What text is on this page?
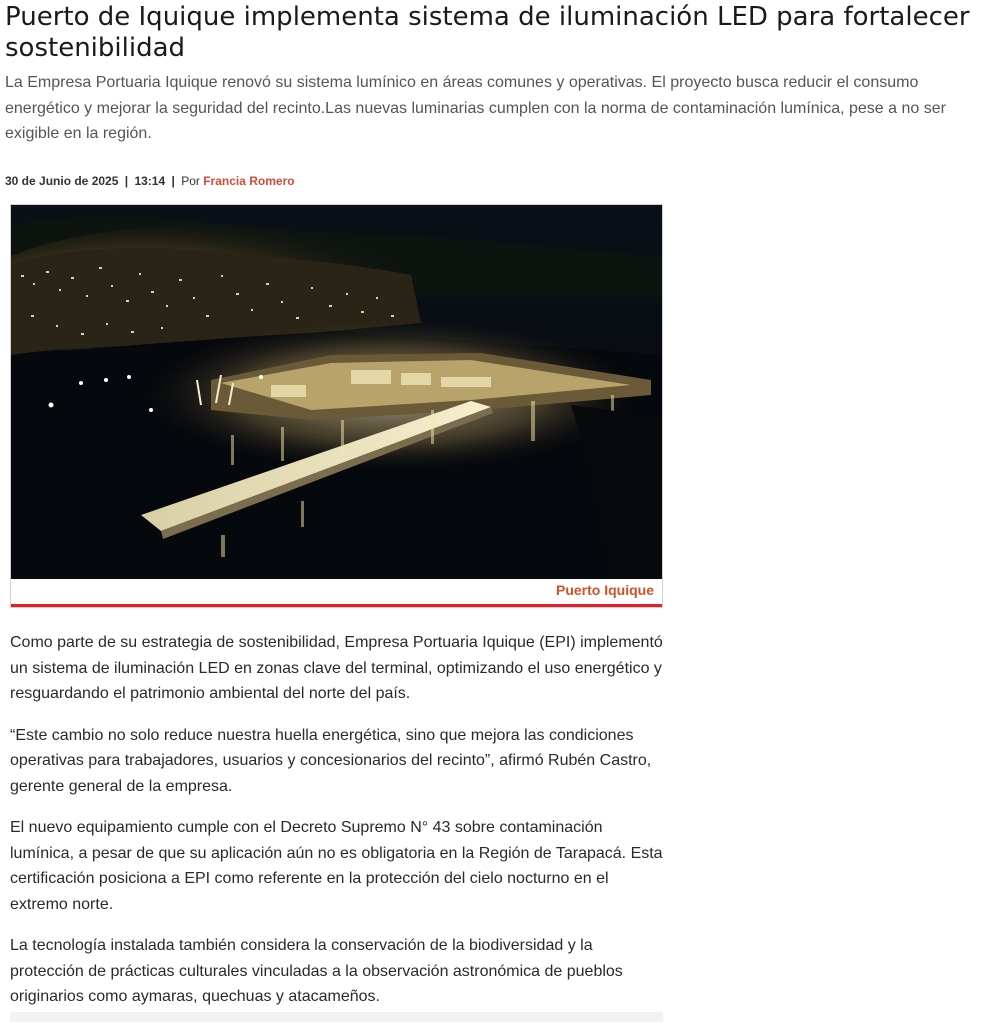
Puerto de Iquique implementa sistema de iluminación LED para fortalecer sostenibilidad

La Empresa Portuaria Iquique renovó su sistema lumínico en áreas comunes y operativas. El proyecto busca reducir el consumo energético y mejorar la seguridad del recinto.Las nuevas luminarias cumplen con la norma de contaminación lumínica, pese a no ser exigible en la región.

30 de Junio de 2025 | 13:14 | Por Francia Romero
Puerto Iquique

Como parte de su estrategia de sostenibilidad, Empresa Portuaria Iquique (EPI) implementó un sistema de iluminación LED en zonas clave del terminal, optimizando el uso energético y resguardando el patrimonio ambiental del norte del país.

“Este cambio no solo reduce nuestra huella energética, sino que mejora las condiciones operativas para trabajadores, usuarios y concesionarios del recinto”, afirmó Rubén Castro, gerente general de la empresa.

El nuevo equipamiento cumple con el Decreto Supremo N° 43 sobre contaminación lumínica, a pesar de que su aplicación aún no es obligatoria en la Región de Tarapacá. Esta certificación posiciona a EPI como referente en la protección del cielo nocturno en el extremo norte.

La tecnología instalada también considera la conservación de la biodiversidad y la protección de prácticas culturales vinculadas a la observación astronómica de pueblos originarios como aymaras, quechuas y atacameños.
